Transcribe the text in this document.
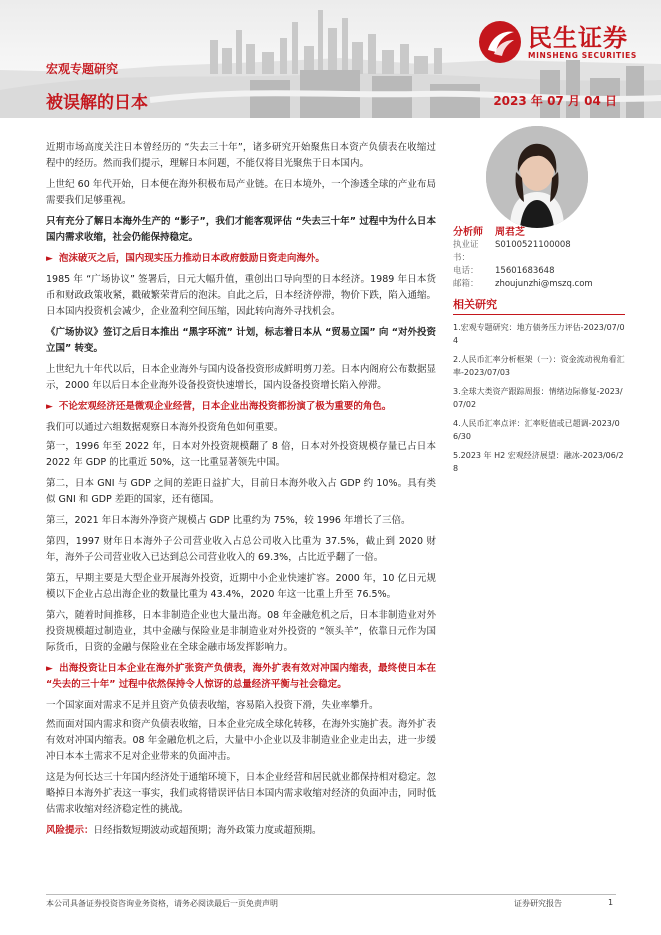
民生证券
MINSHENG SECURITIES
宏观专题研究
被误解的日本	2023 年 07 月 04 日

近期市场高度关注日本曾经历的 “失去三十年”，诸多研究开始聚焦日本资产负债表在收缩过程中的经历。然而我们提示，理解日本问题，不能仅将目光聚焦于日本国内。

上世纪 60 年代开始，日本便在海外积极布局产业链。在日本境外，一个渗透全球的产业布局需要我们足够重视。

只有充分了解日本海外生产的 “影子”，我们才能客观评估 “失去三十年” 过程中为什么日本国内需求收缩，社会仍能保持稳定。

► 泡沫破灭之后，国内现实压力推动日本政府鼓励日资走向海外。

1985 年 “广场协议” 签署后，日元大幅升值，重创出口导向型的日本经济。1989 年日本货币和财政政策收紧，戳破繁荣背后的泡沫。自此之后，日本经济停滞，物价下跌，陷入通缩。日本国内投资机会减少，企业盈利空间压缩，因此转向海外寻找机会。

《广场协议》签订之后日本推出 “黑字环流” 计划，标志着日本从 “贸易立国” 向 “对外投资立国” 转变。

上世纪九十年代以后，日本企业海外与国内设备投资形成鲜明剪刀差。日本内阁府公布数据显示，2000 年以后日本企业海外设备投资快速增长，国内设备投资增长陷入停滞。

► 不论宏观经济还是微观企业经营，日本企业出海投资都扮演了极为重要的角色。

我们可以通过六组数据观察日本海外投资角色如何重要。

第一，1996 年至 2022 年，日本对外投资规模翻了 8 倍，日本对外投资规模存量已占日本 2022 年 GDP 的比重近 50%，这一比重显著领先中国。

第二，日本 GNI 与 GDP 之间的差距日益扩大，目前日本海外收入占 GDP 约 10%。具有类似 GNI 和 GDP 差距的国家，还有德国。

第三，2021 年日本海外净资产规模占 GDP 比重约为 75%，较 1996 年增长了三倍。

第四，1997 财年日本海外子公司营业收入占总公司收入比重为 37.5%，截止到 2020 财年，海外子公司营业收入已达到总公司营业收入的 69.3%，占比近乎翻了一倍。

第五，早期主要是大型企业开展海外投资，近期中小企业快速扩容。2000 年，10 亿日元规模以下企业占总出海企业的数量比重为 43.4%，2020 年这一比重上升至 76.5%。

第六，随着时间推移，日本非制造企业也大量出海。08 年金融危机之后，日本非制造业对外投资规模超过制造业，其中金融与保险业是非制造业对外投资的 “领头羊”，依靠日元作为国际货币，日资的金融与保险业在全球金融市场发挥影响力。

► 出海投资让日本企业在海外扩张资产负债表，海外扩表有效对冲国内缩表，最终使日本在 “失去的三十年” 过程中依然保持令人惊讶的总量经济平衡与社会稳定。

一个国家面对需求不足并且资产负债表收缩，容易陷入投资下滑，失业率攀升。

然而面对国内需求和资产负债表收缩，日本企业完成全球化转移，在海外实施扩表。海外扩表有效对冲国内缩表。08 年金融危机之后，大量中小企业以及非制造业企业走出去，进一步缓冲日本本土需求不足对企业带来的负面冲击。

这是为何长达三十年国内经济处于通缩环境下，日本企业经营和居民就业都保持相对稳定。忽略掉日本海外扩表这一事实，我们或将错误评估日本国内需求收缩对经济的负面冲击，同时低估需求收缩对经济稳定性的挑战。

风险提示：日经指数短期波动或超预期；海外政策力度或超预期。

分析师	周君芝
执业证书：
S0100521100008
电话：	15601683648
邮箱：	zhoujunzhi@mszq.com
相关研究
1.宏观专题研究：地方债务压力评估-2023/07/04
2.人民币汇率分析框架（一）：资金流动视角看汇率-2023/07/03
3.全球大类资产跟踪周报：情绪边际修复-2023/07/02
4.人民币汇率点评：汇率贬值或已超调-2023/06/30
5.2023 年 H2 宏观经济展望：融冰-2023/06/28
本公司具备证券投资咨询业务资格，请务必阅读最后一页免责声明	证券研究报告	1
